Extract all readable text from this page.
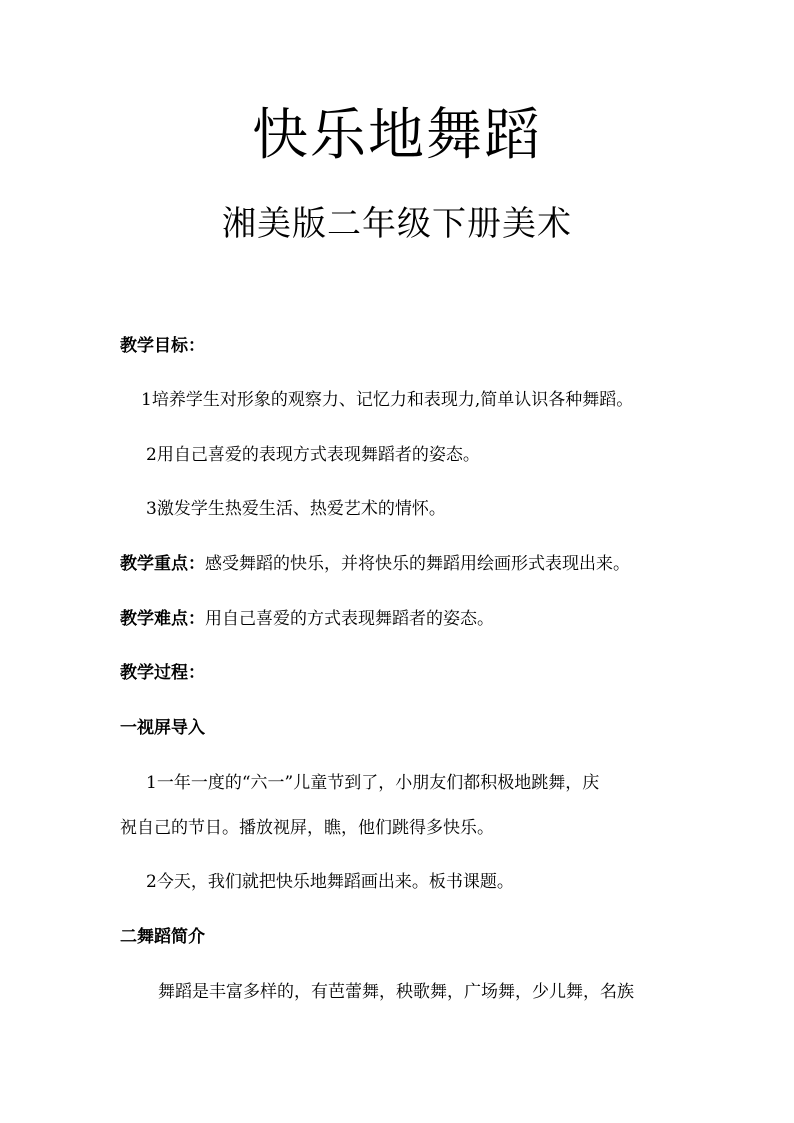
快乐地舞蹈
湘美版二年级下册美术
教学目标：
1培养学生对形象的观察力、记忆力和表现力,简单认识各种舞蹈。
2用自己喜爱的表现方式表现舞蹈者的姿态。
3激发学生热爱生活、热爱艺术的情怀。
教学重点：感受舞蹈的快乐，并将快乐的舞蹈用绘画形式表现出来。
教学难点：用自己喜爱的方式表现舞蹈者的姿态。
教学过程：
一视屏导入
1一年一度的“六一”儿童节到了，小朋友们都积极地跳舞，庆
祝自己的节日。播放视屏，瞧，他们跳得多快乐。
2今天，我们就把快乐地舞蹈画出来。板书课题。
二舞蹈简介
舞蹈是丰富多样的，有芭蕾舞，秧歌舞，广场舞，少儿舞，名族
